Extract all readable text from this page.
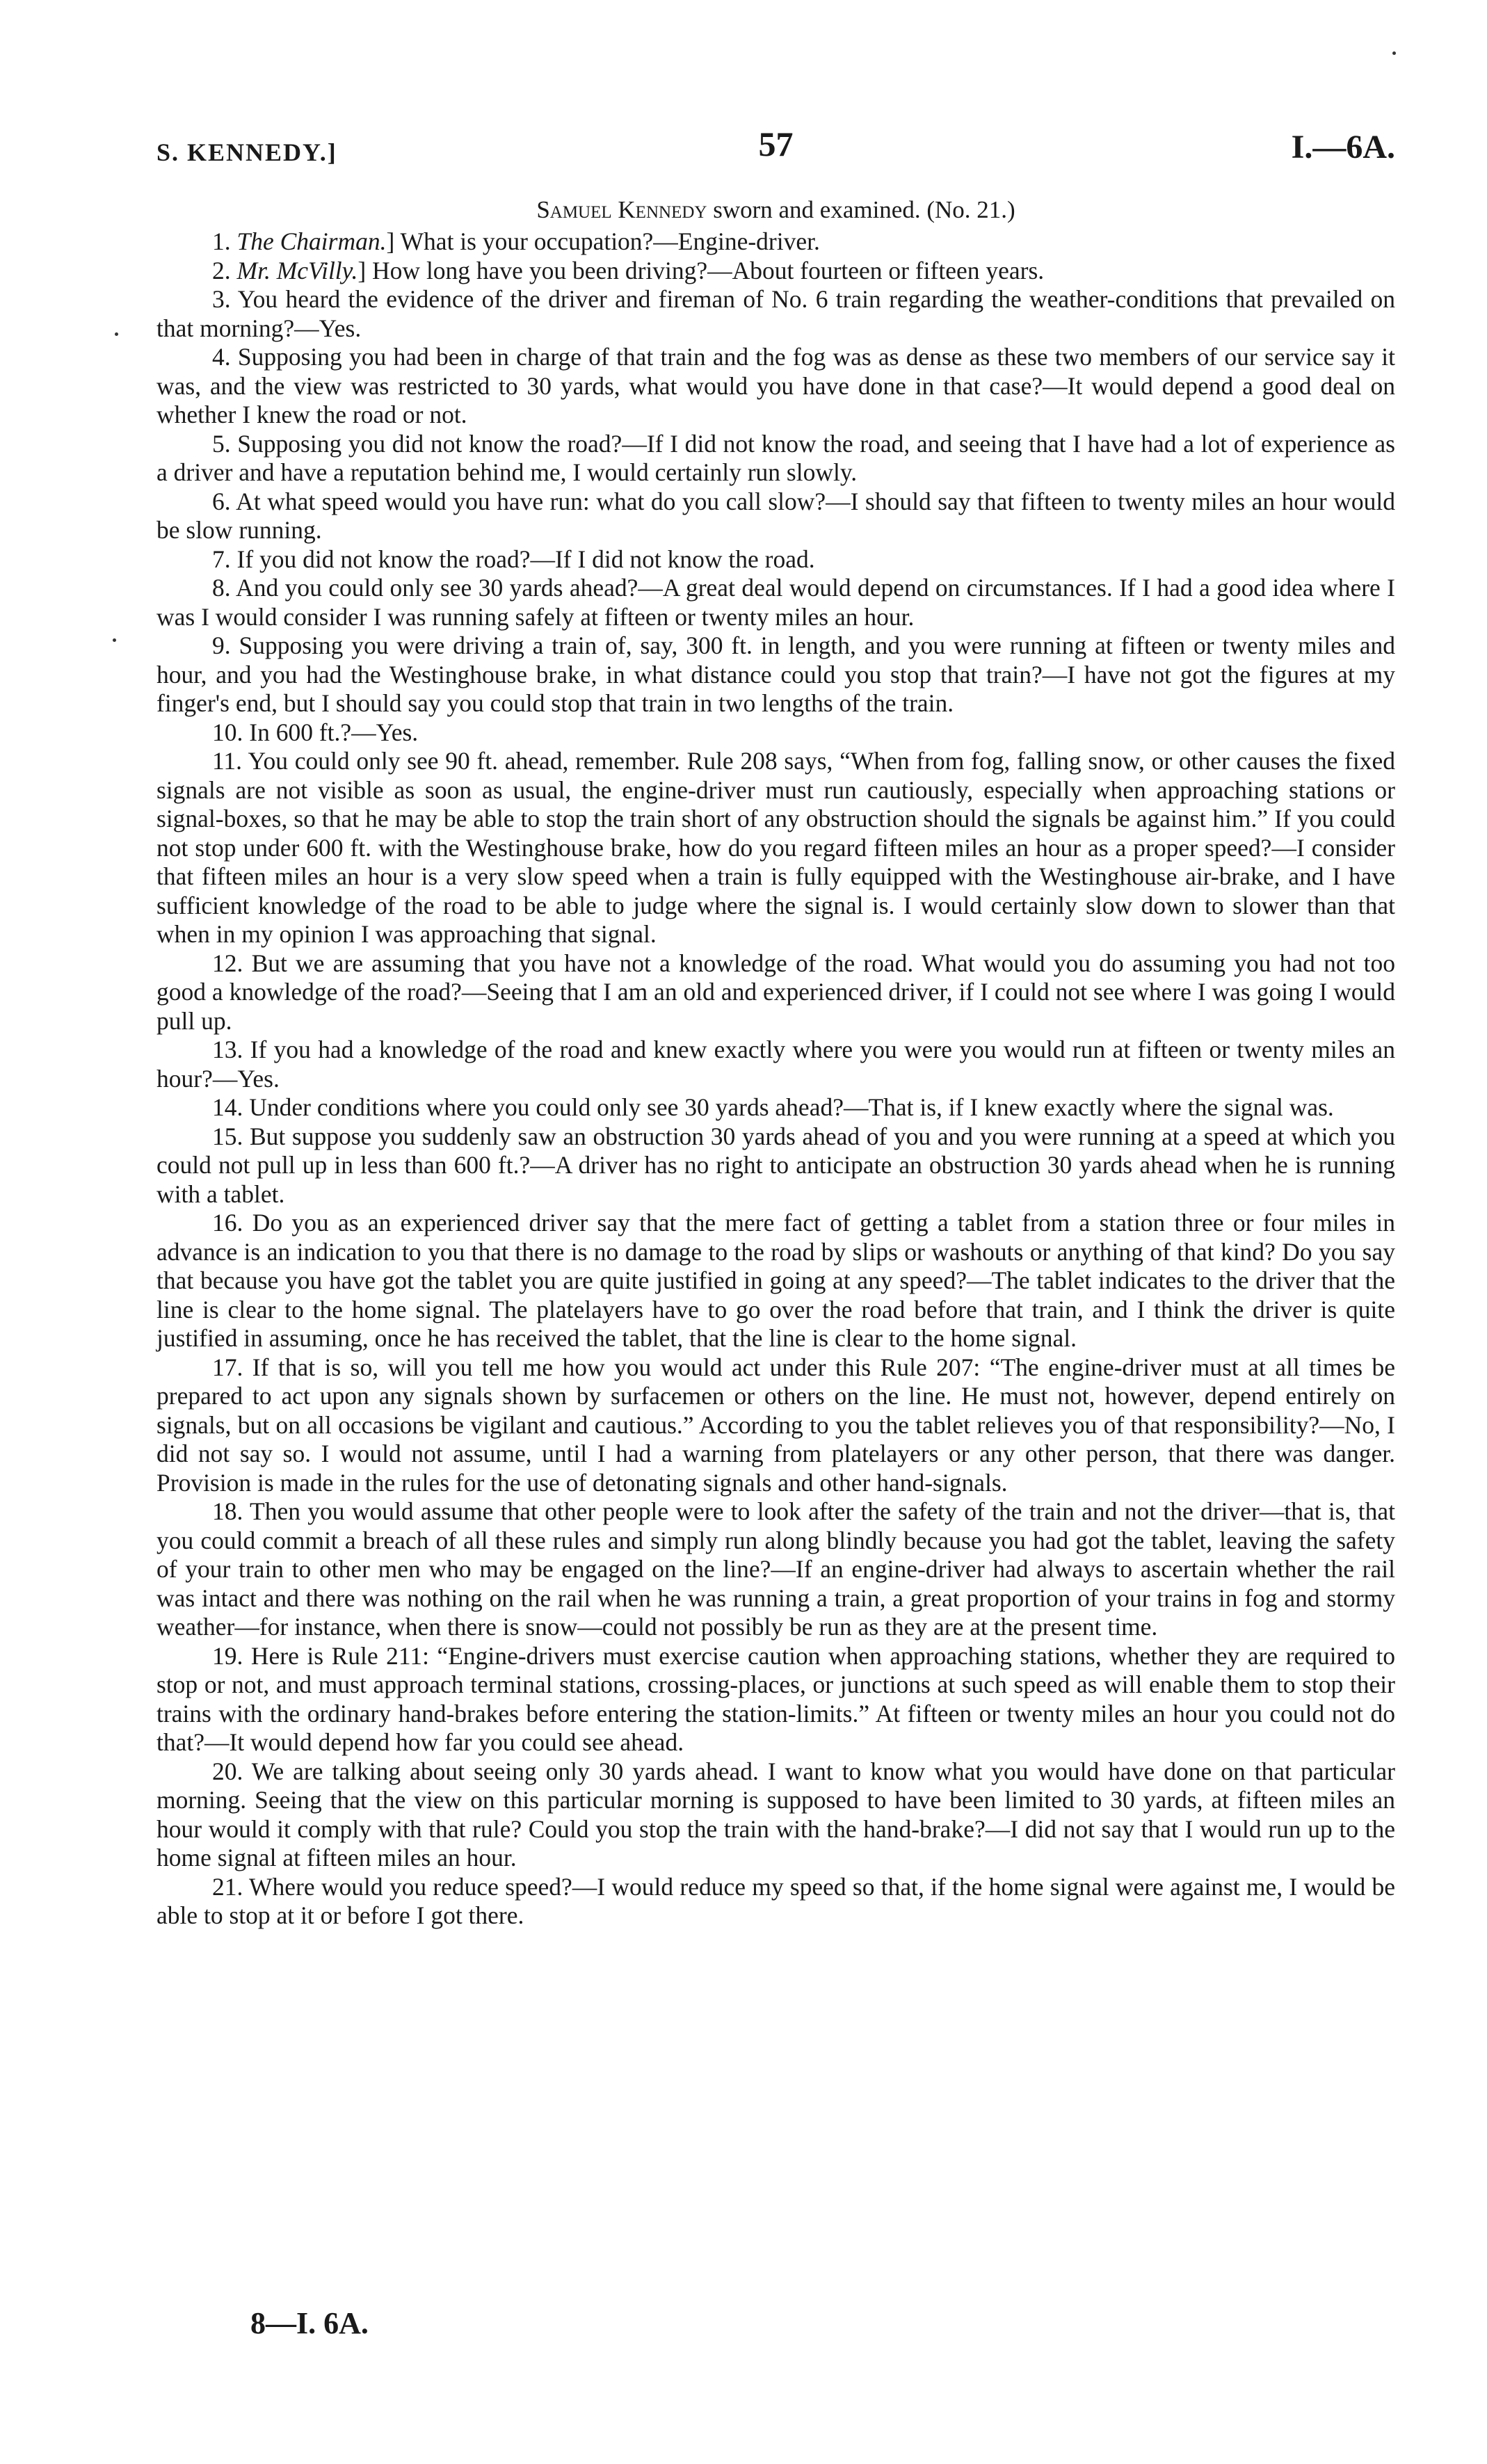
S. KENNEDY.]	57	I.—6A.
Samuel Kennedy sworn and examined. (No. 21.)

1. The Chairman.] What is your occupation?—Engine-driver.

2. Mr. McVilly.] How long have you been driving?—About fourteen or fifteen years.

3. You heard the evidence of the driver and fireman of No. 6 train regarding the weather-conditions that prevailed on that morning?—Yes.

4. Supposing you had been in charge of that train and the fog was as dense as these two members of our service say it was, and the view was restricted to 30 yards, what would you have done in that case?—It would depend a good deal on whether I knew the road or not.

5. Supposing you did not know the road?—If I did not know the road, and seeing that I have had a lot of experience as a driver and have a reputation behind me, I would certainly run slowly.

6. At what speed would you have run: what do you call slow?—I should say that fifteen to twenty miles an hour would be slow running.

7. If you did not know the road?—If I did not know the road.

8. And you could only see 30 yards ahead?—A great deal would depend on circumstances. If I had a good idea where I was I would consider I was running safely at fifteen or twenty miles an hour.

9. Supposing you were driving a train of, say, 300 ft. in length, and you were running at fifteen or twenty miles and hour, and you had the Westinghouse brake, in what distance could you stop that train?—I have not got the figures at my finger's end, but I should say you could stop that train in two lengths of the train.

10. In 600 ft.?—Yes.

11. You could only see 90 ft. ahead, remember. Rule 208 says, “When from fog, falling snow, or other causes the fixed signals are not visible as soon as usual, the engine-driver must run cautiously, especially when approaching stations or signal-boxes, so that he may be able to stop the train short of any obstruction should the signals be against him.” If you could not stop under 600 ft. with the Westinghouse brake, how do you regard fifteen miles an hour as a proper speed?—I consider that fifteen miles an hour is a very slow speed when a train is fully equipped with the Westinghouse air-brake, and I have sufficient knowledge of the road to be able to judge where the signal is. I would certainly slow down to slower than that when in my opinion I was approaching that signal.

12. But we are assuming that you have not a knowledge of the road. What would you do assuming you had not too good a knowledge of the road?—Seeing that I am an old and experienced driver, if I could not see where I was going I would pull up.

13. If you had a knowledge of the road and knew exactly where you were you would run at fifteen or twenty miles an hour?—Yes.

14. Under conditions where you could only see 30 yards ahead?—That is, if I knew exactly where the signal was.

15. But suppose you suddenly saw an obstruction 30 yards ahead of you and you were running at a speed at which you could not pull up in less than 600 ft.?—A driver has no right to anticipate an obstruction 30 yards ahead when he is running with a tablet.

16. Do you as an experienced driver say that the mere fact of getting a tablet from a station three or four miles in advance is an indication to you that there is no damage to the road by slips or washouts or anything of that kind? Do you say that because you have got the tablet you are quite justified in going at any speed?—The tablet indicates to the driver that the line is clear to the home signal. The platelayers have to go over the road before that train, and I think the driver is quite justified in assuming, once he has received the tablet, that the line is clear to the home signal.

17. If that is so, will you tell me how you would act under this Rule 207: “The engine-driver must at all times be prepared to act upon any signals shown by surfacemen or others on the line. He must not, however, depend entirely on signals, but on all occasions be vigilant and cautious.” According to you the tablet relieves you of that responsibility?—No, I did not say so. I would not assume, until I had a warning from platelayers or any other person, that there was danger. Provision is made in the rules for the use of detonating signals and other hand-signals.

18. Then you would assume that other people were to look after the safety of the train and not the driver—that is, that you could commit a breach of all these rules and simply run along blindly because you had got the tablet, leaving the safety of your train to other men who may be engaged on the line?—If an engine-driver had always to ascertain whether the rail was intact and there was nothing on the rail when he was running a train, a great proportion of your trains in fog and stormy weather—for instance, when there is snow—could not possibly be run as they are at the present time.

19. Here is Rule 211: “Engine-drivers must exercise caution when approaching stations, whether they are required to stop or not, and must approach terminal stations, crossing-places, or junctions at such speed as will enable them to stop their trains with the ordinary hand-brakes before entering the station-limits.” At fifteen or twenty miles an hour you could not do that?—It would depend how far you could see ahead.

20. We are talking about seeing only 30 yards ahead. I want to know what you would have done on that particular morning. Seeing that the view on this particular morning is supposed to have been limited to 30 yards, at fifteen miles an hour would it comply with that rule? Could you stop the train with the hand-brake?—I did not say that I would run up to the home signal at fifteen miles an hour.

21. Where would you reduce speed?—I would reduce my speed so that, if the home signal were against me, I would be able to stop at it or before I got there.

8—I. 6A.
